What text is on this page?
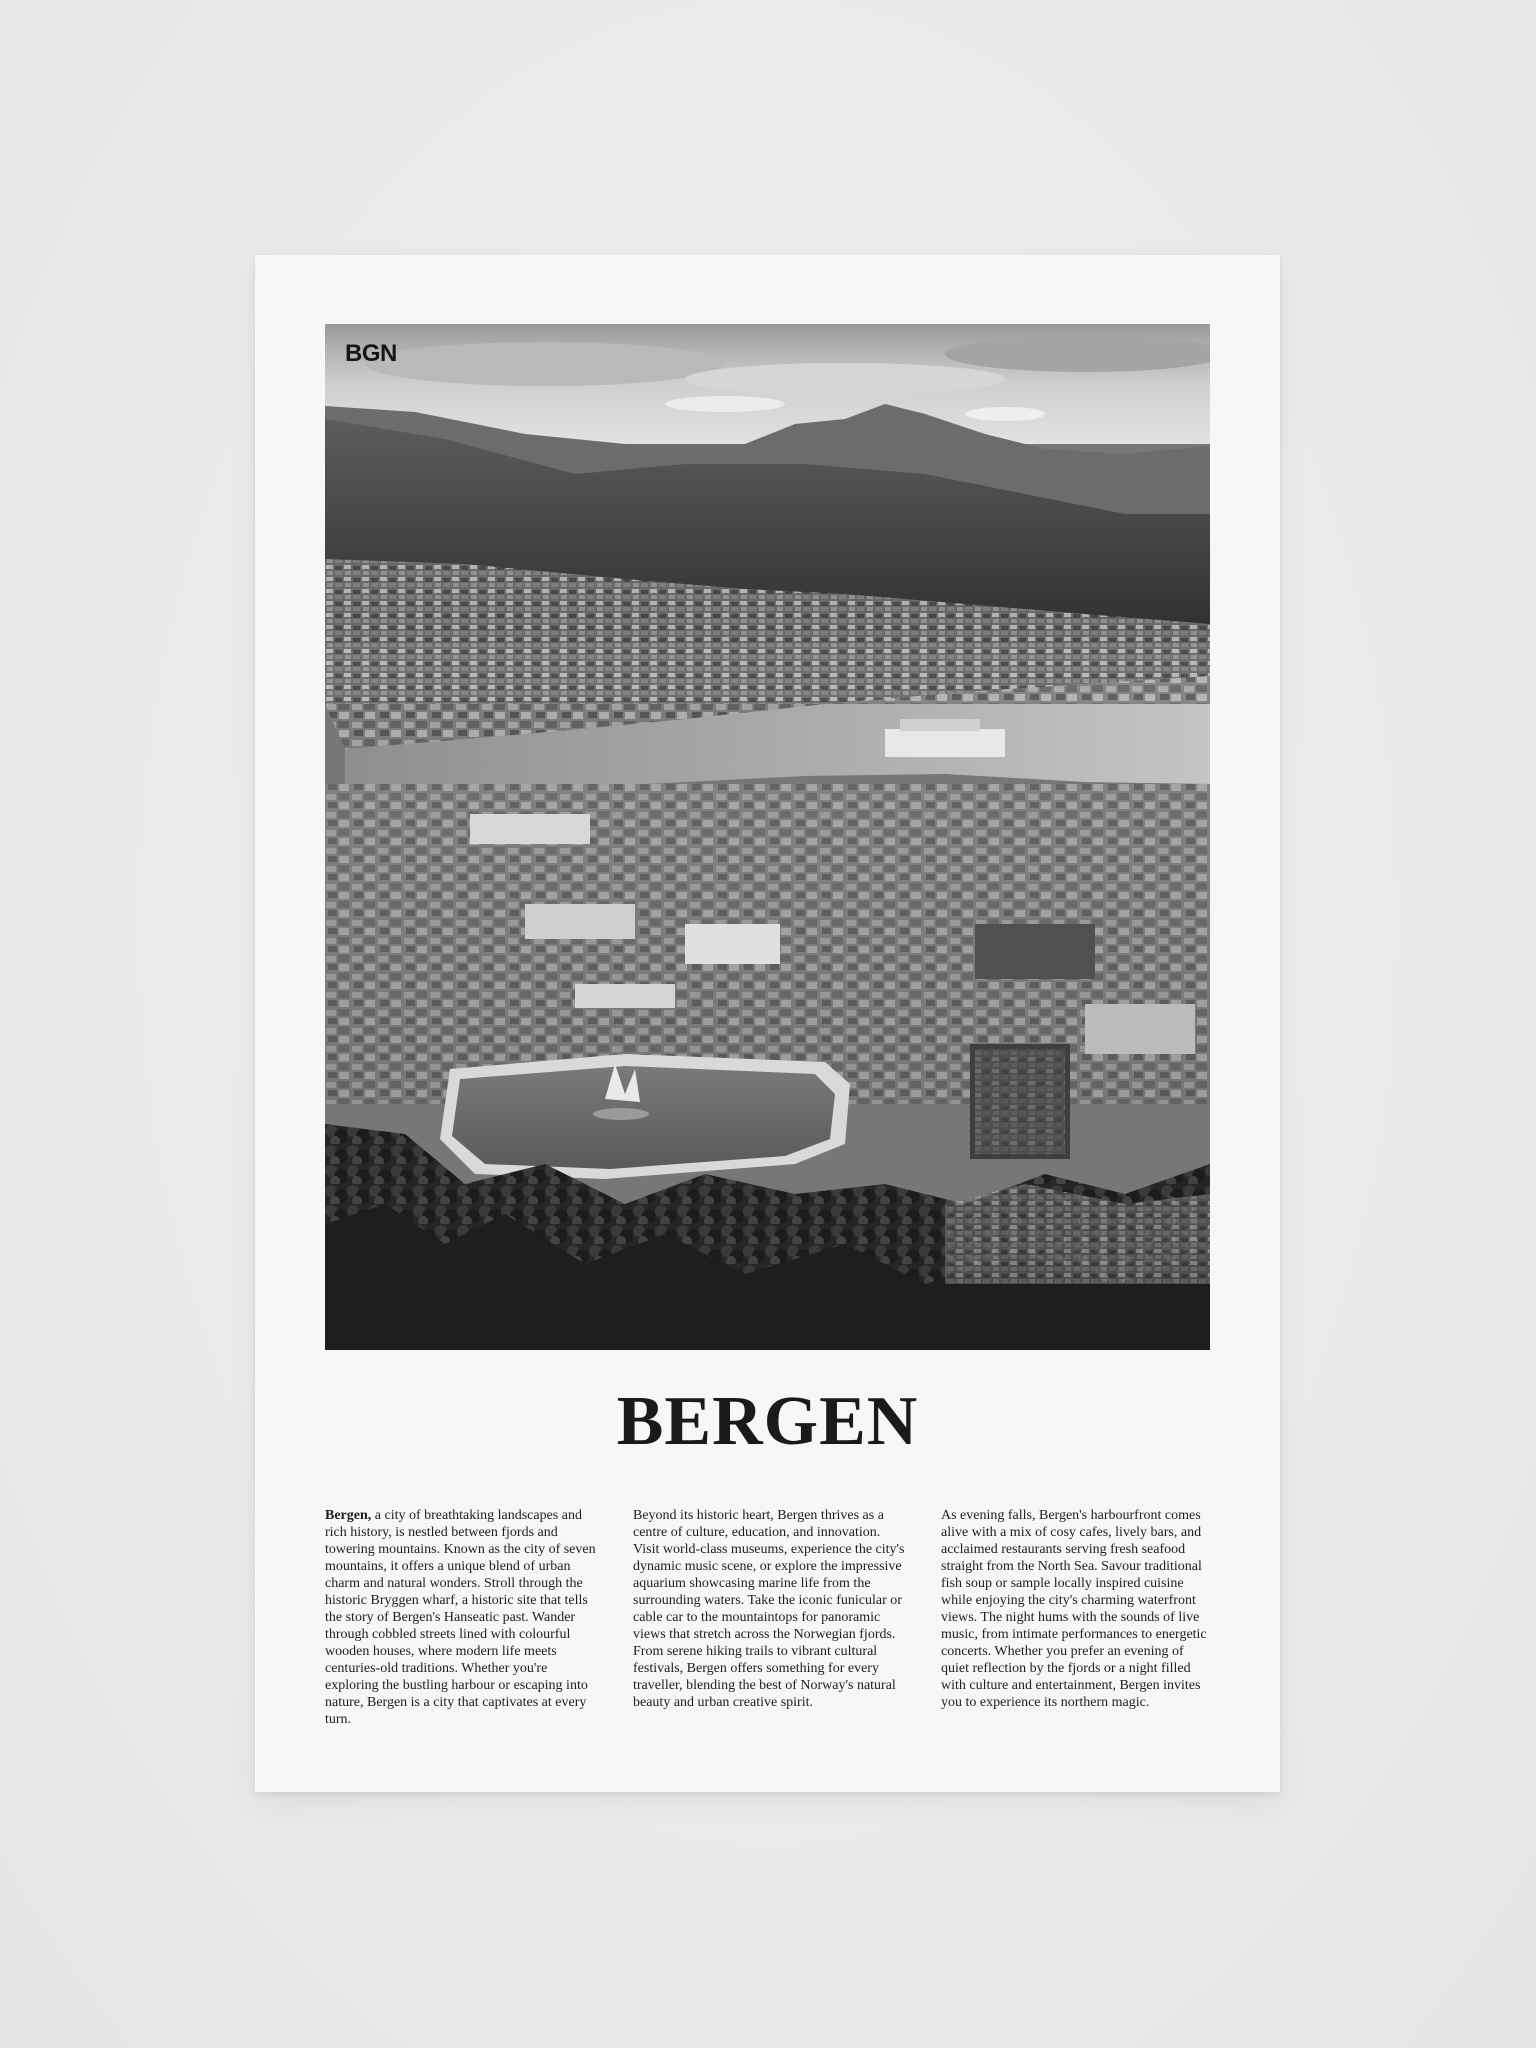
BGN
BERGEN
Bergen, a city of breathtaking landscapes and rich history, is nestled between fjords and towering mountains. Known as the city of seven mountains, it offers a unique blend of urban charm and natural wonders. Stroll through the historic Bryggen wharf, a historic site that tells the story of Bergen's Hanseatic past. Wander through cobbled streets lined with colourful wooden houses, where modern life meets centuries-old traditions. Whether you're exploring the bustling harbour or escaping into nature, Bergen is a city that captivates at every turn.
Beyond its historic heart, Bergen thrives as a centre of culture, education, and innovation. Visit world-class museums, experience the city's dynamic music scene, or explore the impressive aquarium showcasing marine life from the surrounding waters. Take the iconic funicular or cable car to the mountaintops for panoramic views that stretch across the Norwegian fjords. From serene hiking trails to vibrant cultural festivals, Bergen offers something for every traveller, blending the best of Norway's natural beauty and urban creative spirit.
As evening falls, Bergen's harbourfront comes alive with a mix of cosy cafes, lively bars, and acclaimed restaurants serving fresh seafood straight from the North Sea. Savour traditional fish soup or sample locally inspired cuisine while enjoying the city's charming waterfront views. The night hums with the sounds of live music, from intimate performances to energetic concerts. Whether you prefer an evening of quiet reflection by the fjords or a night filled with culture and entertainment, Bergen invites you to experience its northern magic.
